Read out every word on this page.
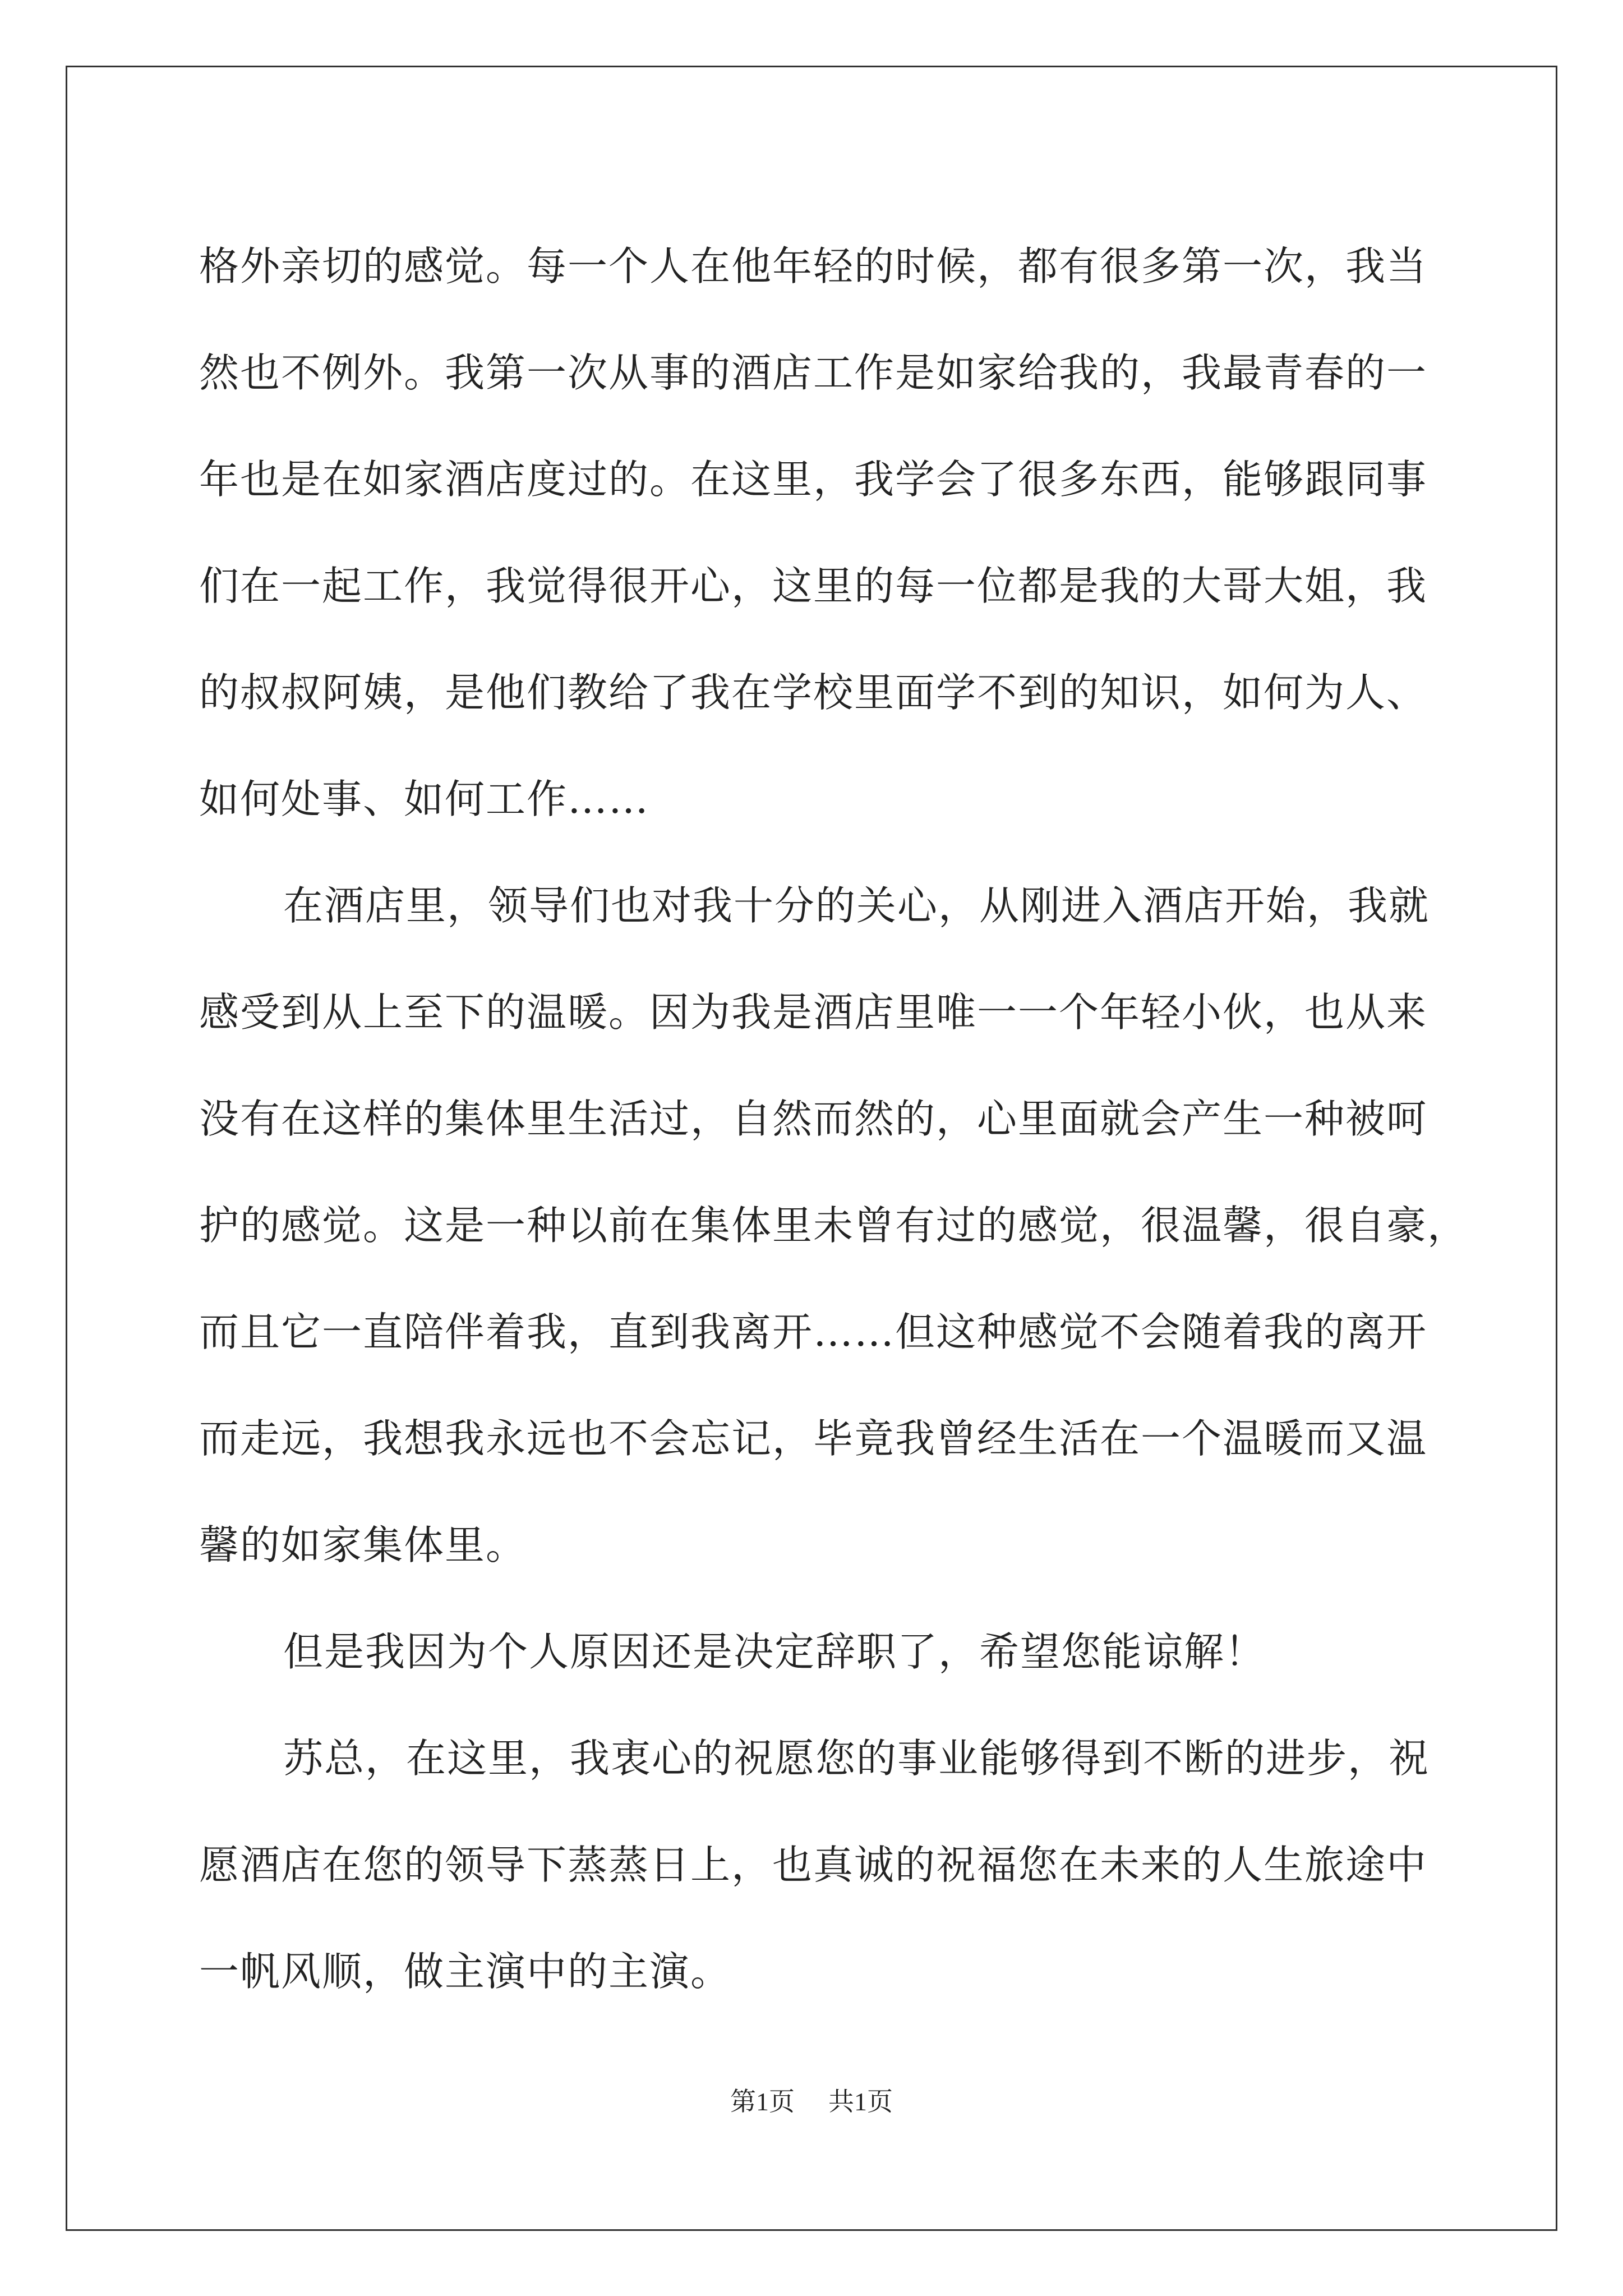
格外亲切的感觉。每一个人在他年轻的时候，都有很多第一次，我当
然也不例外。我第一次从事的酒店工作是如家给我的，我最青春的一
年也是在如家酒店度过的。在这里，我学会了很多东西，能够跟同事
们在一起工作，我觉得很开心，这里的每一位都是我的大哥大姐，我
的叔叔阿姨，是他们教给了我在学校里面学不到的知识，如何为人、
如何处事、如何工作……
在酒店里，领导们也对我十分的关心，从刚进入酒店开始，我就
感受到从上至下的温暖。因为我是酒店里唯一一个年轻小伙，也从来
没有在这样的集体里生活过，自然而然的，心里面就会产生一种被呵
护的感觉。这是一种以前在集体里未曾有过的感觉，很温馨，很自豪，
而且它一直陪伴着我，直到我离开……但这种感觉不会随着我的离开
而走远，我想我永远也不会忘记，毕竟我曾经生活在一个温暖而又温
馨的如家集体里。
但是我因为个人原因还是决定辞职了，希望您能谅解！
苏总，在这里，我衷心的祝愿您的事业能够得到不断的进步，祝
愿酒店在您的领导下蒸蒸日上，也真诚的祝福您在未来的人生旅途中
一帆风顺，做主演中的主演。
第1页 共1页
